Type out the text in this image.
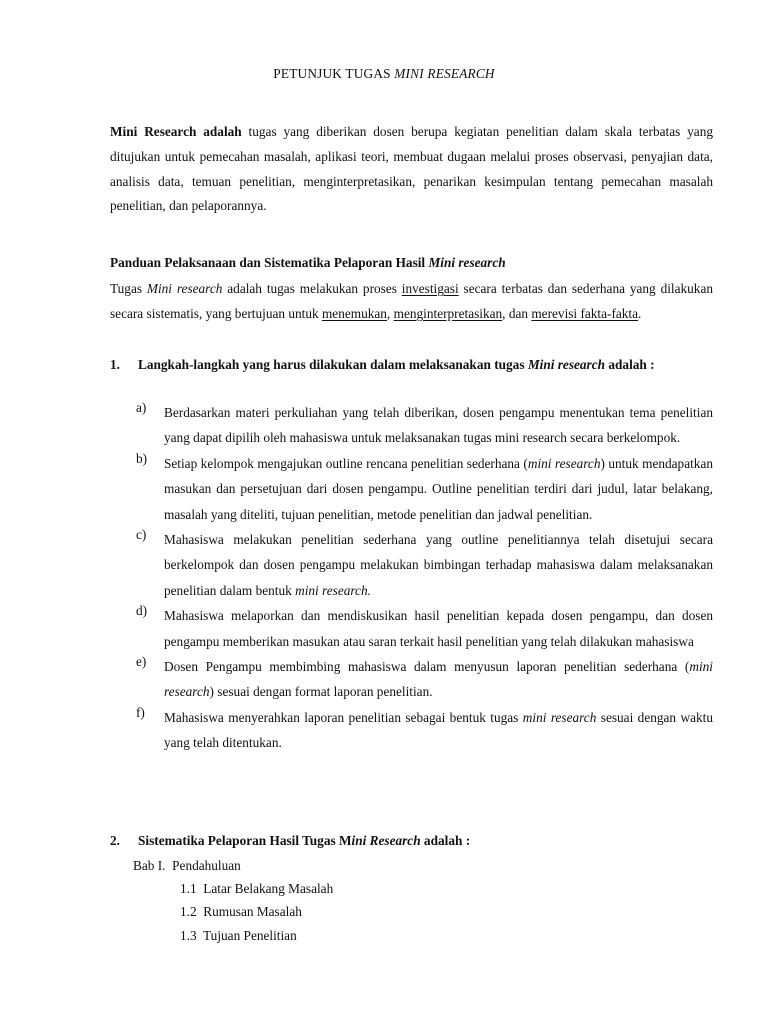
PETUNJUK TUGAS MINI RESEARCH
Mini Research adalah tugas yang diberikan dosen berupa kegiatan penelitian dalam skala terbatas yang ditujukan untuk pemecahan masalah, aplikasi teori, membuat dugaan melalui proses observasi, penyajian data, analisis data, temuan penelitian, menginterpretasikan, penarikan kesimpulan tentang pemecahan masalah penelitian, dan pelaporannya.
Panduan Pelaksanaan dan Sistematika Pelaporan Hasil Mini research
Tugas Mini research adalah tugas melakukan proses investigasi secara terbatas dan sederhana yang dilakukan secara sistematis, yang bertujuan untuk menemukan, menginterpretasikan, dan merevisi fakta-fakta.
1. Langkah-langkah yang harus dilakukan dalam melaksanakan tugas Mini research adalah :
a) Berdasarkan materi perkuliahan yang telah diberikan, dosen pengampu menentukan tema penelitian yang dapat dipilih oleh mahasiswa untuk melaksanakan tugas mini research secara berkelompok.
b) Setiap kelompok mengajukan outline rencana penelitian sederhana (mini research) untuk mendapatkan masukan dan persetujuan dari dosen pengampu. Outline penelitian terdiri dari judul, latar belakang, masalah yang diteliti, tujuan penelitian, metode penelitian dan jadwal penelitian.
c) Mahasiswa melakukan penelitian sederhana yang outline penelitiannya telah disetujui secara berkelompok dan dosen pengampu melakukan bimbingan terhadap mahasiswa dalam melaksanakan penelitian dalam bentuk mini research.
d) Mahasiswa melaporkan dan mendiskusikan hasil penelitian kepada dosen pengampu, dan dosen pengampu memberikan masukan atau saran terkait hasil penelitian yang telah dilakukan mahasiswa
e) Dosen Pengampu membimbing mahasiswa dalam menyusun laporan penelitian sederhana (mini research) sesuai dengan format laporan penelitian.
f) Mahasiswa menyerahkan laporan penelitian sebagai bentuk tugas mini research sesuai dengan waktu yang telah ditentukan.
2. Sistematika Pelaporan Hasil Tugas Mini Research adalah :
Bab I.  Pendahuluan
1.1  Latar Belakang Masalah
1.2  Rumusan Masalah
1.3  Tujuan Penelitian
